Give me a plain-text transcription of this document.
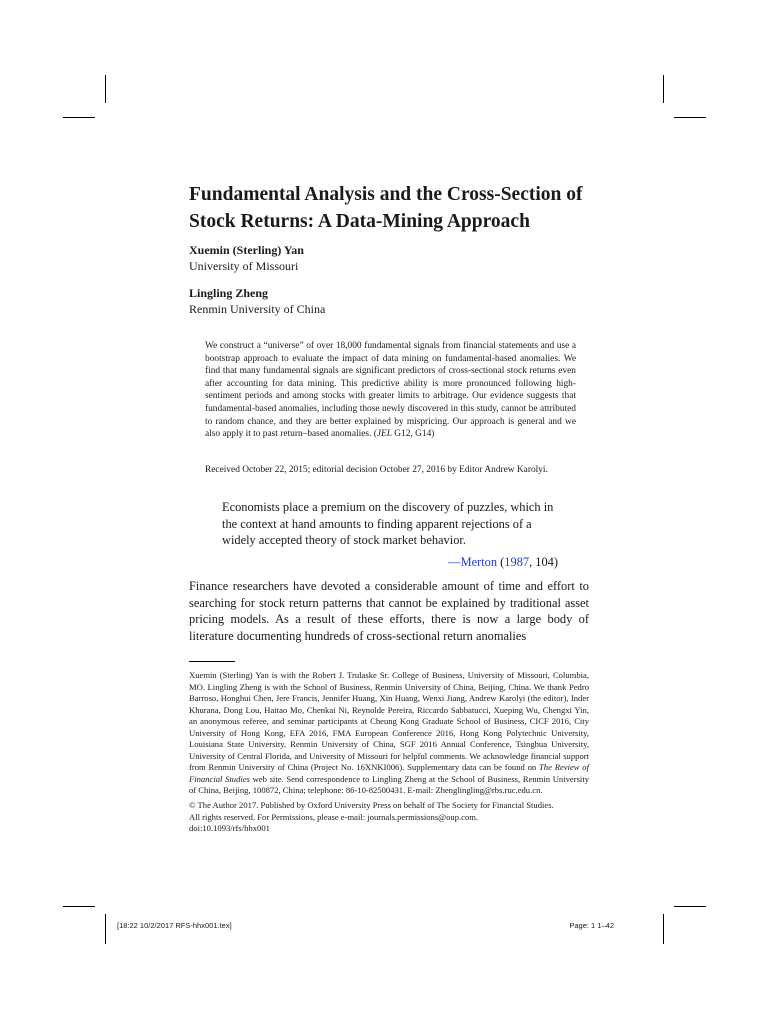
Fundamental Analysis and the Cross-Section of Stock Returns: A Data-Mining Approach
Xuemin (Sterling) Yan
University of Missouri
Lingling Zheng
Renmin University of China

We construct a “universe” of over 18,000 fundamental signals from financial statements and use a bootstrap approach to evaluate the impact of data mining on fundamental-based anomalies. We find that many fundamental signals are significant predictors of cross-sectional stock returns even after accounting for data mining. This predictive ability is more pronounced following high-sentiment periods and among stocks with greater limits to arbitrage. Our evidence suggests that fundamental-based anomalies, including those newly discovered in this study, cannot be attributed to random chance, and they are better explained by mispricing. Our approach is general and we also apply it to past return–based anomalies. (JEL G12, G14)

Received October 22, 2015; editorial decision October 27, 2016 by Editor Andrew Karolyi.

Economists place a premium on the discovery of puzzles, which in the context at hand amounts to finding apparent rejections of a widely accepted theory of stock market behavior.

—Merton (1987, 104)

Finance researchers have devoted a considerable amount of time and effort to searching for stock return patterns that cannot be explained by traditional asset pricing models. As a result of these efforts, there is now a large body of literature documenting hundreds of cross-sectional return anomalies

Xuemin (Sterling) Yan is with the Robert J. Trulaske Sr. College of Business, University of Missouri, Columbia, MO. Lingling Zheng is with the School of Business, Renmin University of China, Beijing, China. We thank Pedro Barroso, Honghui Chen, Jere Francis, Jennifer Huang, Xin Huang, Wenxi Jiang, Andrew Karolyi (the editor), Inder Khurana, Dong Lou, Haitao Mo, Chenkai Ni, Reynolde Pereira, Riccardo Sabbatucci, Xueping Wu, Chengxi Yin, an anonymous referee, and seminar participants at Cheung Kong Graduate School of Business, CICF 2016, City University of Hong Kong, EFA 2016, FMA European Conference 2016, Hong Kong Polytechnic University, Louisiana State University, Renmin University of China, SGF 2016 Annual Conference, Tsinghua University, University of Central Florida, and University of Missouri for helpful comments. We acknowledge financial support from Renmin University of China (Project No. 16XNKI006). Supplementary data can be found on The Review of Financial Studies web site. Send correspondence to Lingling Zheng at the School of Business, Renmin University of China, Beijing, 100872, China; telephone: 86-10-82500431. E-mail: Zhenglingling@rbs.ruc.edu.cn.

© The Author 2017. Published by Oxford University Press on behalf of The Society for Financial Studies.
All rights reserved. For Permissions, please e-mail: journals.permissions@oup.com.
doi:10.1093/rfs/hhx001
[18:22 10/2/2017 RFS-hhx001.tex]	Page: 1 1–42
